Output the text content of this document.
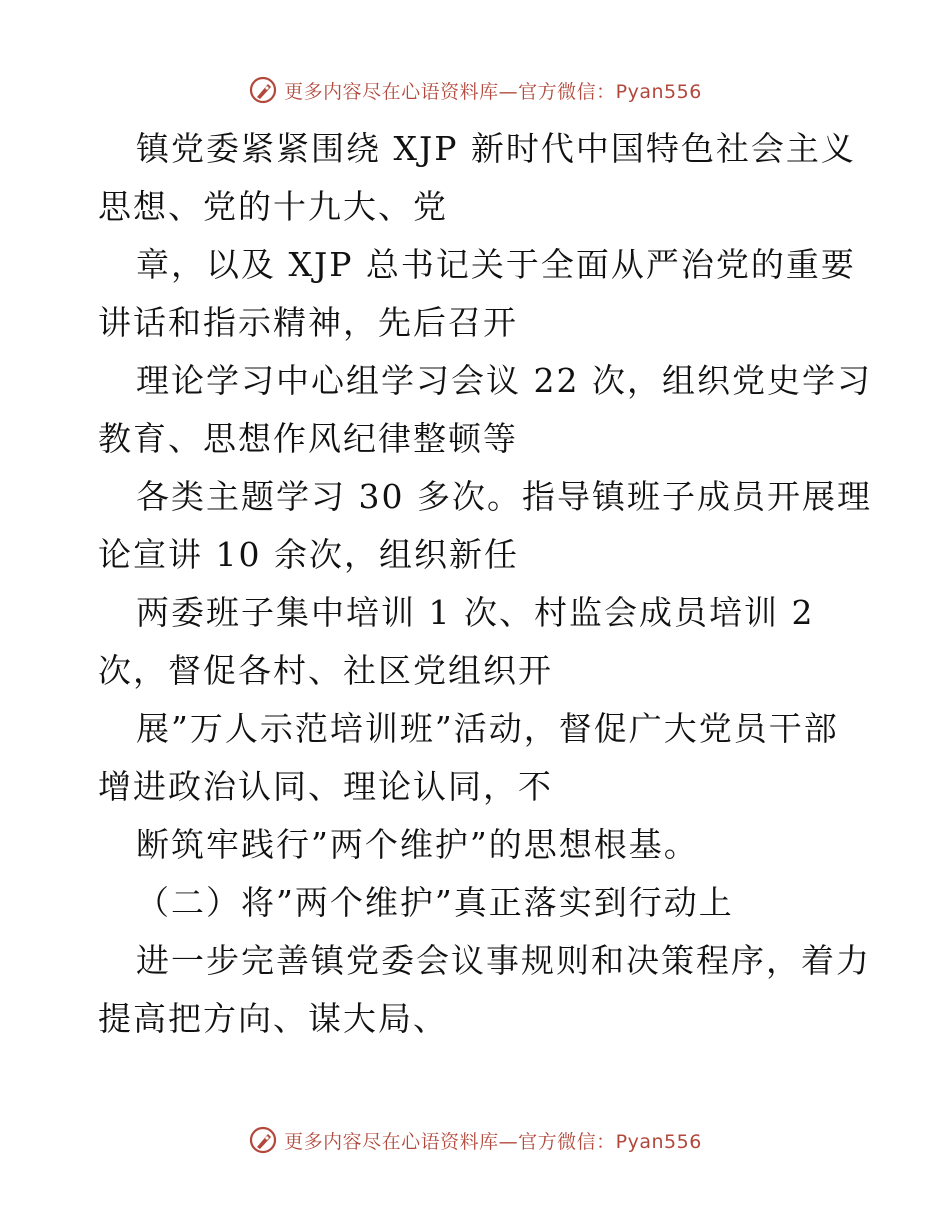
更多内容尽在心语资料库—官方微信：Pyan556
镇党委紧紧围绕 XJP 新时代中国特色社会主义
思想、党的十九大、党
章，以及 XJP 总书记关于全面从严治党的重要
讲话和指示精神，先后召开
理论学习中心组学习会议 22 次，组织党史学习
教育、思想作风纪律整顿等
各类主题学习 30 多次。指导镇班子成员开展理
论宣讲 10 余次，组织新任
两委班子集中培训 1 次、村监会成员培训 2
次，督促各村、社区党组织开
展”万人示范培训班”活动，督促广大党员干部
增进政治认同、理论认同，不
断筑牢践行”两个维护”的思想根基。
（二）将”两个维护”真正落实到行动上
进一步完善镇党委会议事规则和决策程序，着力
提高把方向、谋大局、
更多内容尽在心语资料库—官方微信：Pyan556
